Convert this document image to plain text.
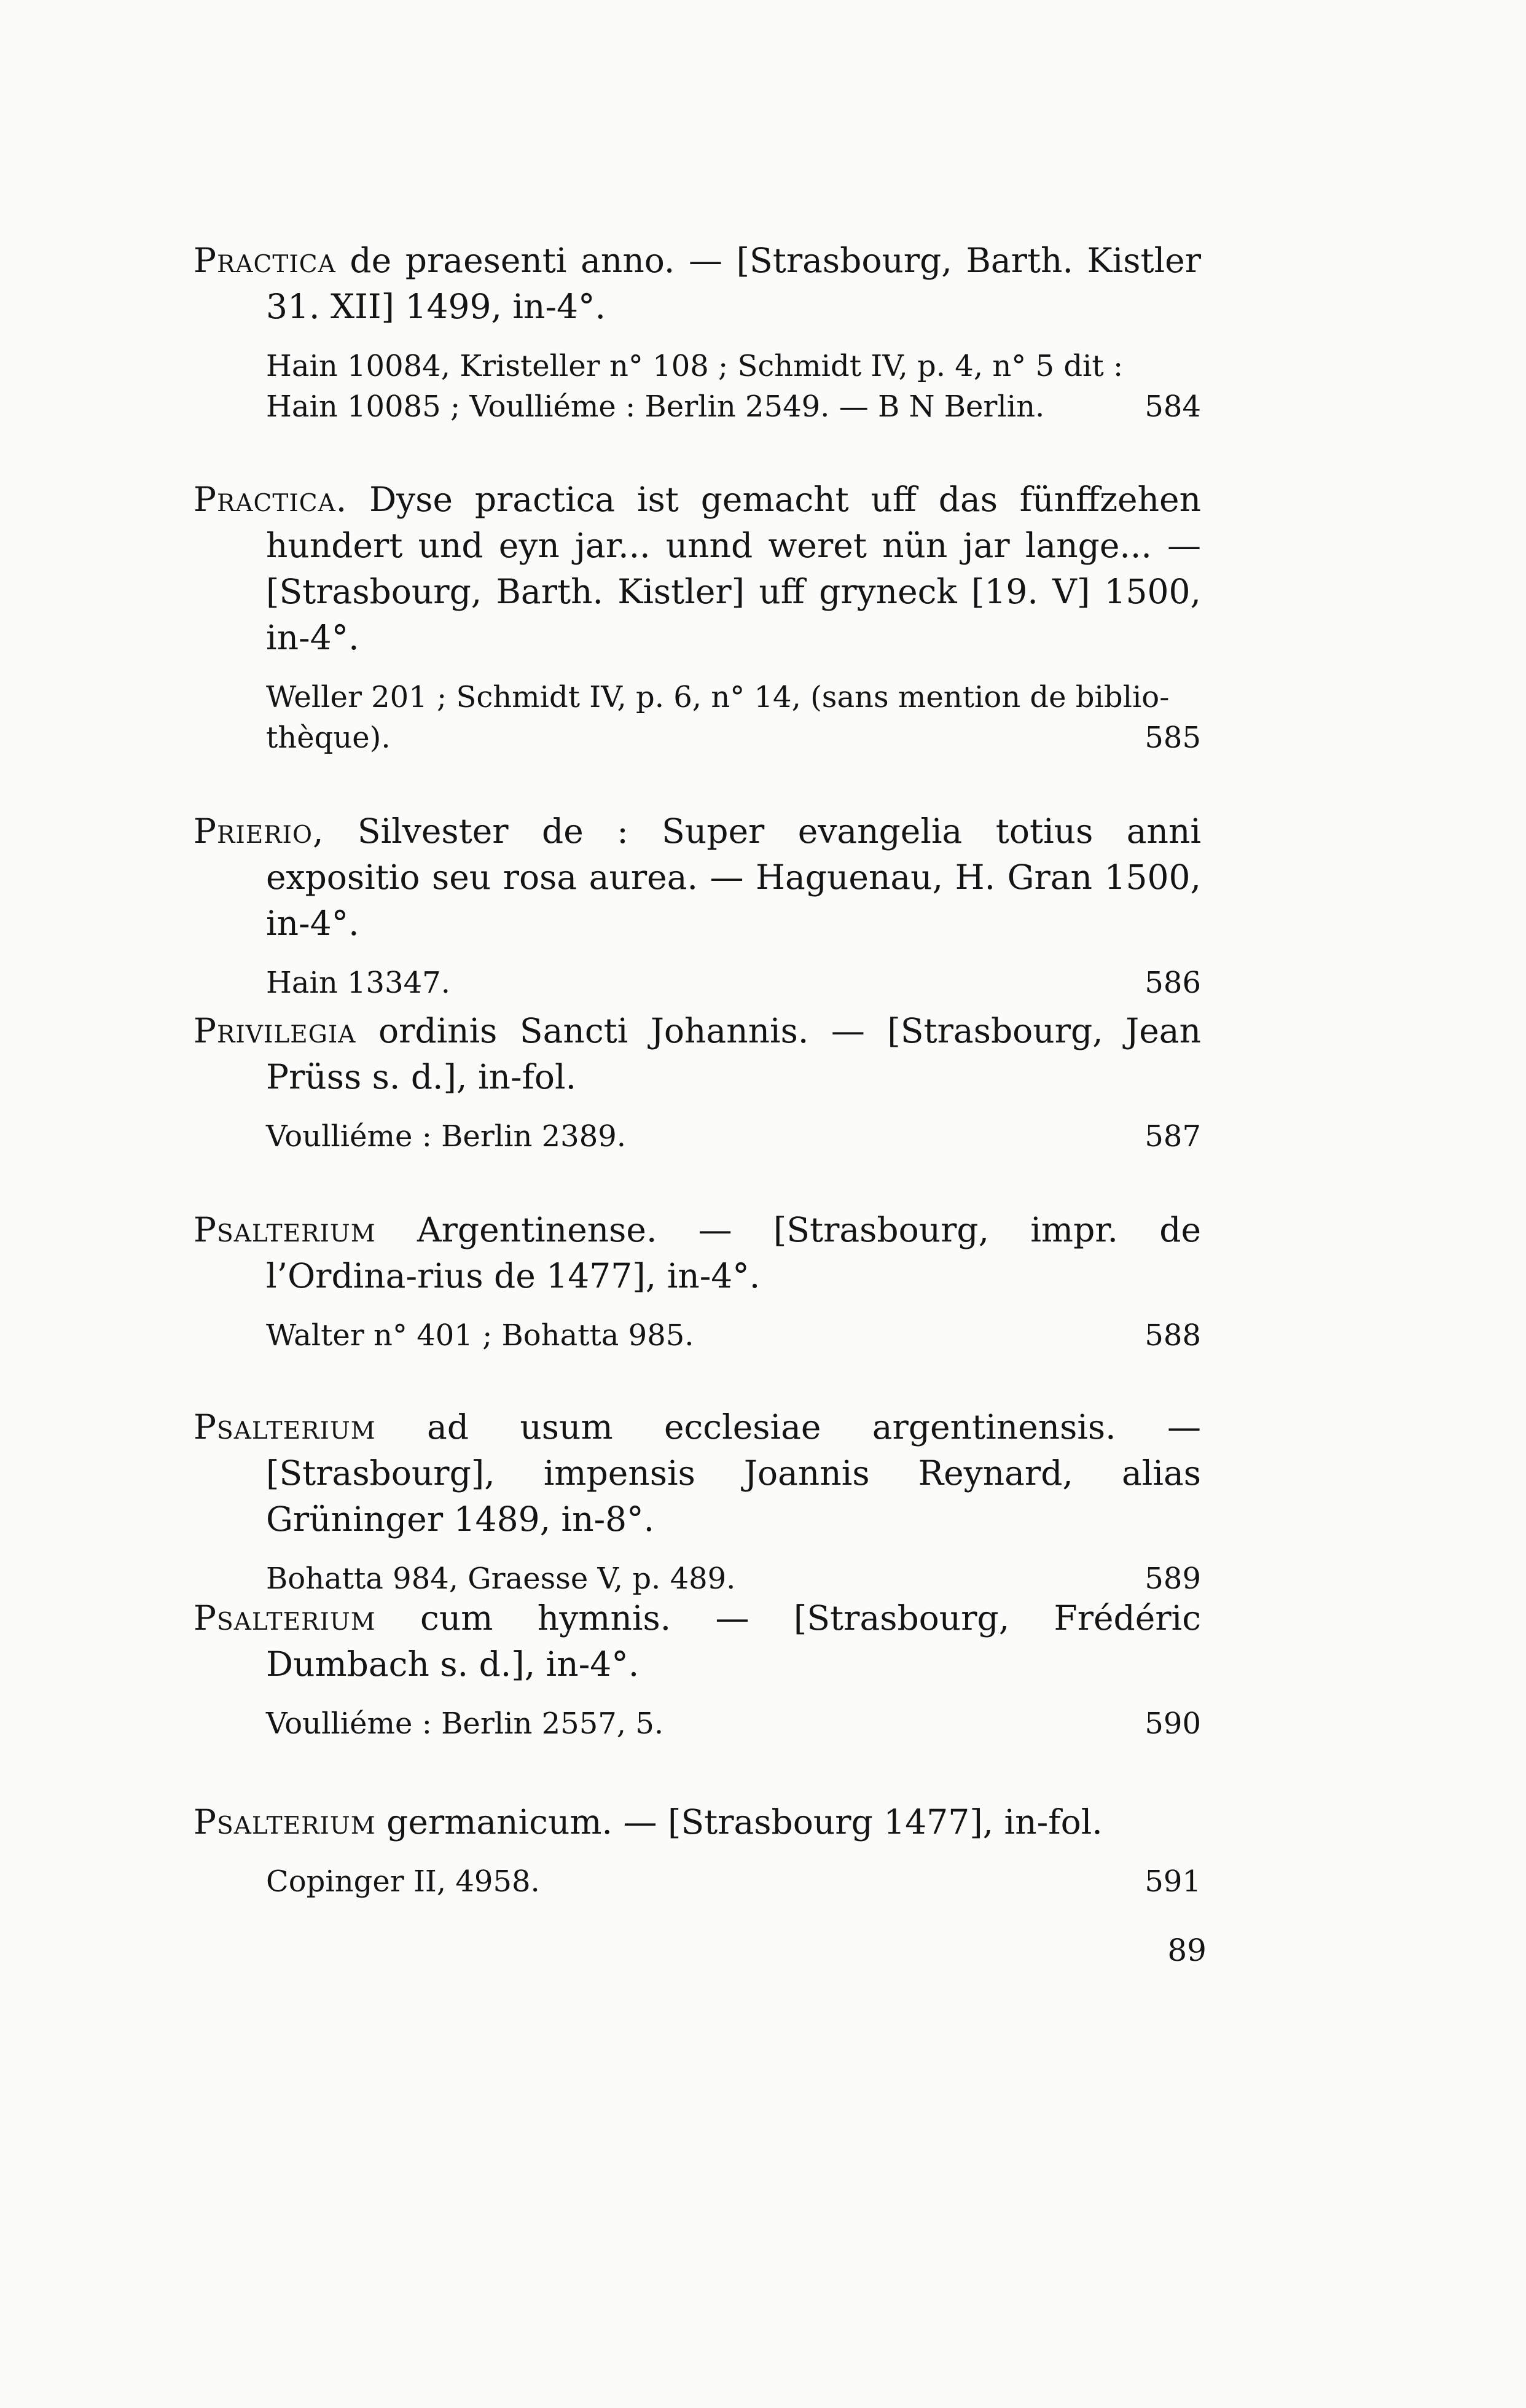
Practica de praesenti anno. — [Strasbourg, Barth. Kistler 31. XII] 1499, in-4°.

Hain 10084, Kristeller n° 108 ; Schmidt IV, p. 4, n° 5 dit : Hain 10085 ; Voulliéme : Berlin 2549. — B N Berlin.	584

Practica. Dyse practica ist gemacht uff das fünffzehen hundert und eyn jar... unnd weret nün jar lange... — [Strasbourg, Barth. Kistler] uff gryneck [19. V] 1500, in-4°.

Weller 201 ; Schmidt IV, p. 6, n° 14, (sans mention de biblio-thèque).	585

Prierio, Silvester de : Super evangelia totius anni expositio seu rosa aurea. — Haguenau, H. Gran 1500, in-4°.

Hain 13347.	586

Privilegia ordinis Sancti Johannis. — [Strasbourg, Jean Prüss s. d.], in-fol.

Voulliéme : Berlin 2389.	587

Psalterium Argentinense. — [Strasbourg, impr. de l’Ordina-rius de 1477], in-4°.

Walter n° 401 ; Bohatta 985.	588

Psalterium ad usum ecclesiae argentinensis. — [Strasbourg], impensis Joannis Reynard, alias Grüninger 1489, in-8°.

Bohatta 984, Graesse V, p. 489.	589

Psalterium cum hymnis. — [Strasbourg, Frédéric Dumbach s. d.], in-4°.

Voulliéme : Berlin 2557, 5.	590

Psalterium germanicum. — [Strasbourg 1477], in-fol.

Copinger II, 4958.	591
89
